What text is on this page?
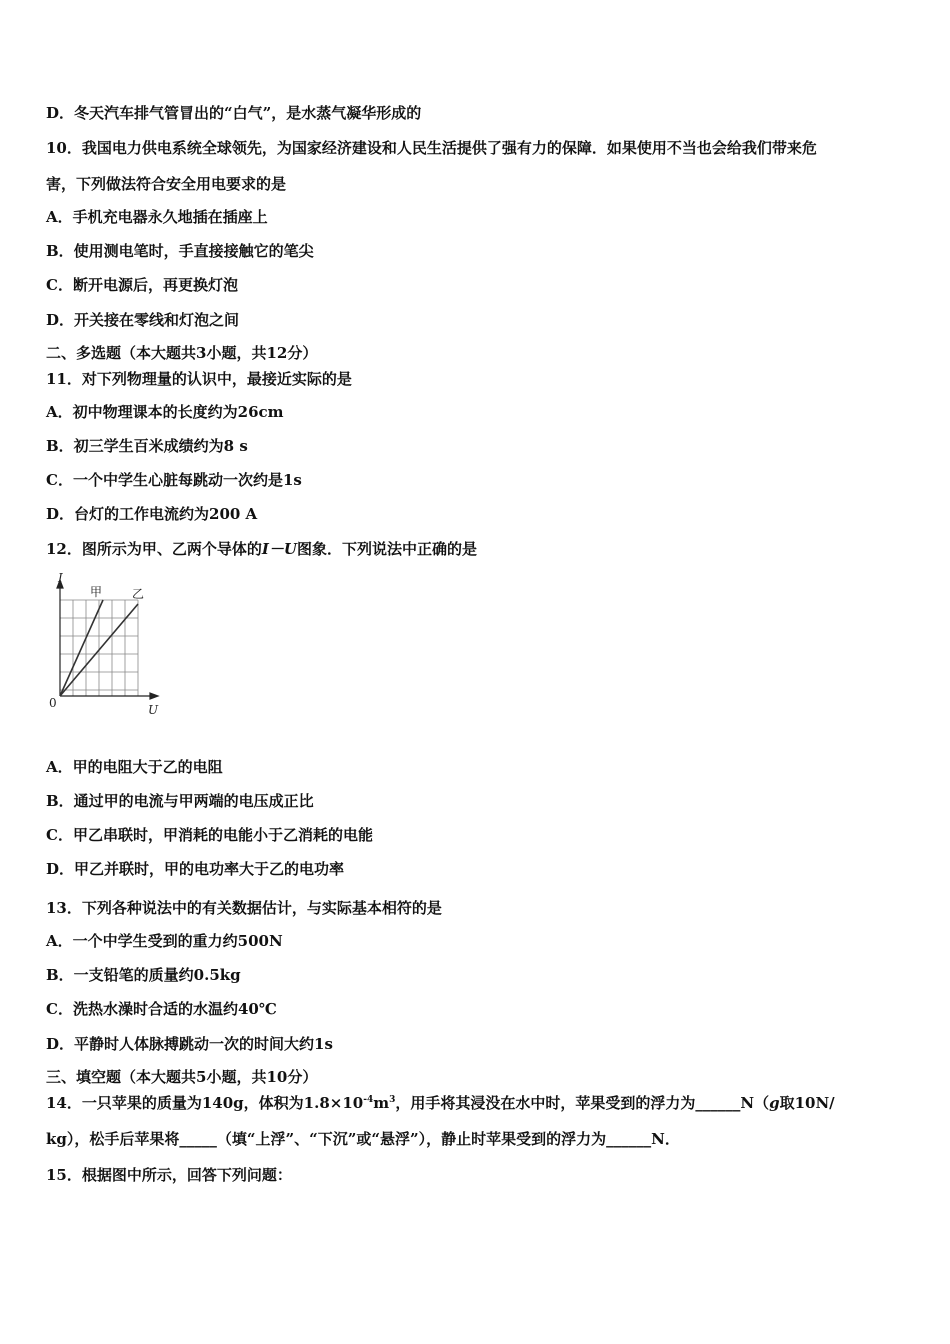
D．冬天汽车排气管冒出的“白气”，是水蒸气凝华形成的
10．我国电力供电系统全球领先，为国家经济建设和人民生活提供了强有力的保障．如果使用不当也会给我们带来危
害，下列做法符合安全用电要求的是
A．手机充电器永久地插在插座上
B．使用测电笔时，手直接接触它的笔尖
C．断开电源后，再更换灯泡
D．开关接在零线和灯泡之间
二、多选题（本大题共3小题，共12分）
11．对下列物理量的认识中，最接近实际的是
A．初中物理课本的长度约为26cm
B．初三学生百米成绩约为8 s
C．一个中学生心脏每跳动一次约是1s
D．台灯的工作电流约为200 A
12．图所示为甲、乙两个导体的I－U图象．下列说法中正确的是
I
U
0
甲 乙
A．甲的电阻大于乙的电阻
B．通过甲的电流与甲两端的电压成正比
C．甲乙串联时，甲消耗的电能小于乙消耗的电能
D．甲乙并联时，甲的电功率大于乙的电功率
13．下列各种说法中的有关数据估计，与实际基本相符的是
A．一个中学生受到的重力约500N
B．一支铅笔的质量约0.5kg
C．洗热水澡时合适的水温约40℃
D．平静时人体脉搏跳动一次的时间大约1s
三、填空题（本大题共5小题，共10分）
14．一只苹果的质量为140g，体积为$1.8\times 10^{-4}m^3$，用手将其浸没在水中时，苹果受到的浮力为______N（g取10N/
kg），松手后苹果将_____（填“上浮”、“下沉”或“悬浮”），静止时苹果受到的浮力为______N．
15．根据图中所示，回答下列问题：
